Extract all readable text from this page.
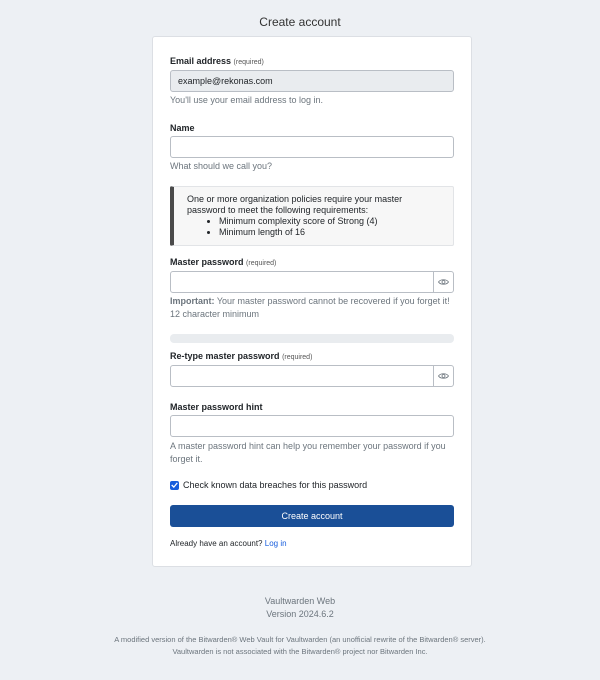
Create account
Email address (required)
example@rekonas.com
You'll use your email address to log in.
Name
What should we call you?
One or more organization policies require your master password to meet the following requirements:
• Minimum complexity score of Strong (4)
• Minimum length of 16
Master password (required)
Important: Your master password cannot be recovered if you forget it! 12 character minimum
Re-type master password (required)
Master password hint
A master password hint can help you remember your password if you forget it.
Check known data breaches for this password
Create account
Already have an account? Log in
Vaultwarden Web
Version 2024.6.2
A modified version of the Bitwarden® Web Vault for Vaultwarden (an unofficial rewrite of the Bitwarden® server).
Vaultwarden is not associated with the Bitwarden® project nor Bitwarden Inc.
